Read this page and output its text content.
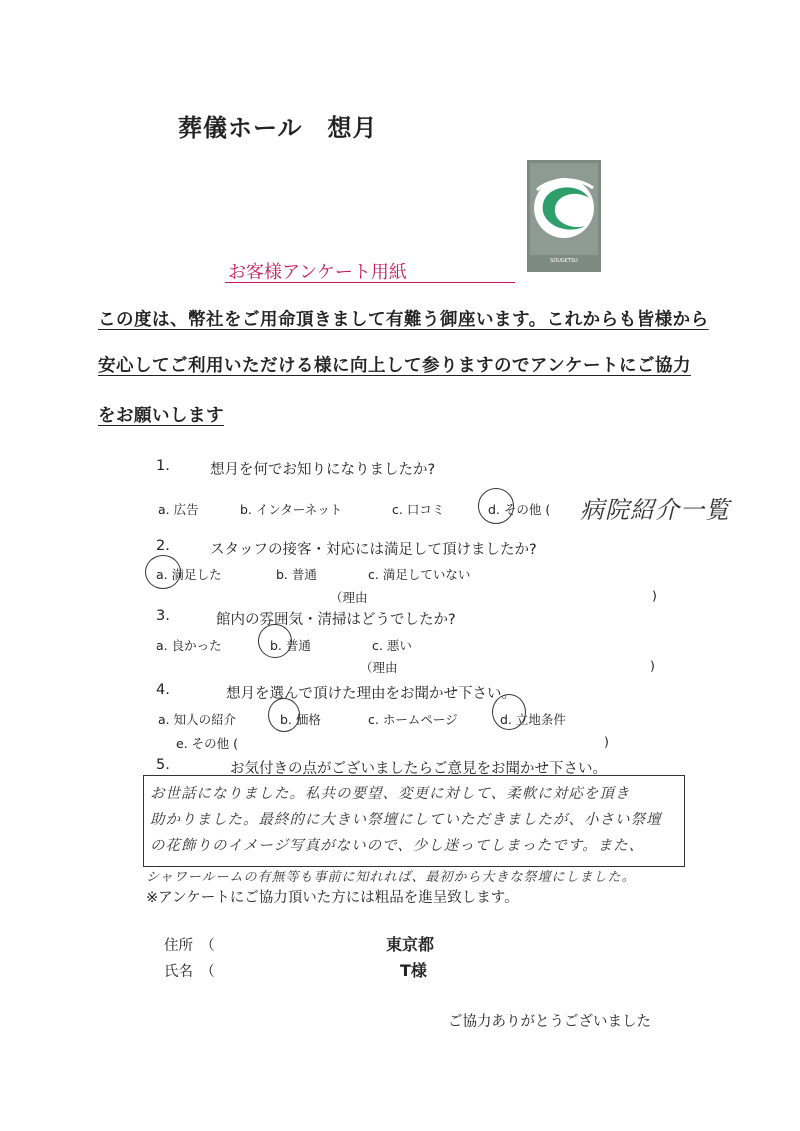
葬儀ホール　想月
SOUGETSU
お客様アンケート用紙
この度は、幣社をご用命頂きまして有難う御座います。これからも皆様から
安心してご利用いただける様に向上して参りますのでアンケートにご協力
をお願いします
1.	想月を何でお知りになりましたか?
a. 広告	b. インターネット	c. 口コミ	d. その他 ( 病院紹介一覧
2.	スタッフの接客・対応には満足して頂けましたか?
a. 満足した	b. 普通	c. 満足していない
（理由	)
3.	館内の雰囲気・清掃はどうでしたか?
a. 良かった	b. 普通	c. 悪い
（理由	)
4.	想月を選んで頂けた理由をお聞かせ下さい。
a. 知人の紹介	b. 価格	c. ホームページ	d. 立地条件
e. その他 (	)
5.	お気付きの点がございましたらご意見をお聞かせ下さい。
お世話になりました。私共の要望、変更に対して、柔軟に対応を頂き
助かりました。最終的に大きい祭壇にしていただきましたが、小さい祭壇
の花飾りのイメージ写真がないので、少し迷ってしまったです。また、
シャワールームの有無等も事前に知れれば、最初から大きな祭壇にしました。
※アンケートにご協力頂いた方には粗品を進呈致します。
住所　（	東京都
氏名　（	T様
ご協力ありがとうございました
